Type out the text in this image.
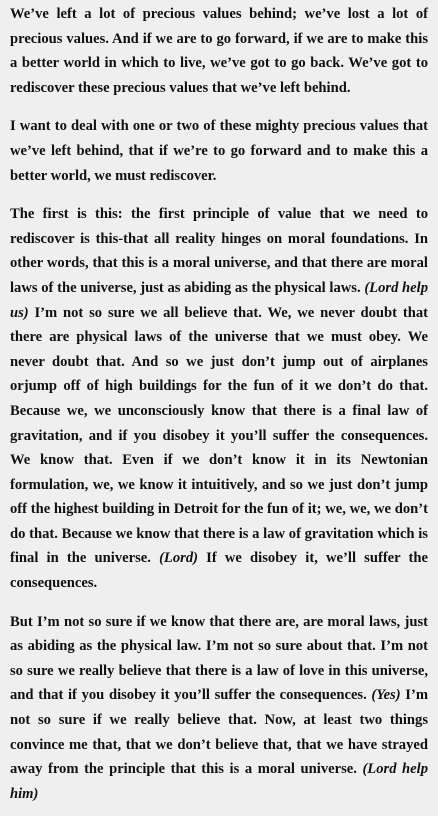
We’ve left a lot of precious values behind; we’ve lost a lot of precious values. And if we are to go forward, if we are to make this a better world in which to live, we’ve got to go back. We’ve got to rediscover these precious values that we’ve left behind.

I want to deal with one or two of these mighty precious values that we’ve left behind, that if we’re to go forward and to make this a better world, we must rediscover.

The first is this: the first principle of value that we need to rediscover is this-that all reality hinges on moral foundations. In other words, that this is a moral universe, and that there are moral laws of the universe, just as abiding as the physical laws. (Lord help us) I’m not so sure we all believe that. We, we never doubt that there are physical laws of the universe that we must obey. We never doubt that. And so we just don’t jump out of airplanes orjump off of high buildings for the fun of it we don’t do that. Because we, we unconsciously know that there is a final law of gravitation, and if you disobey it you’ll suffer the consequences. We know that. Even if we don’t know it in its Newtonian formulation, we, we know it intuitively, and so we just don’t jump off the highest building in Detroit for the fun of it; we, we, we don’t do that. Because we know that there is a law of gravitation which is final in the universe. (Lord) If we disobey it, we’ll suffer the consequences.

But I’m not so sure if we know that there are, are moral laws, just as abiding as the physical law. I’m not so sure about that. I’m not so sure we really believe that there is a law of love in this universe, and that if you disobey it you’ll suffer the consequences. (Yes) I’m not so sure if we really believe that. Now, at least two things convince me that, that we don’t believe that, that we have strayed away from the principle that this is a moral universe. (Lord help him)
